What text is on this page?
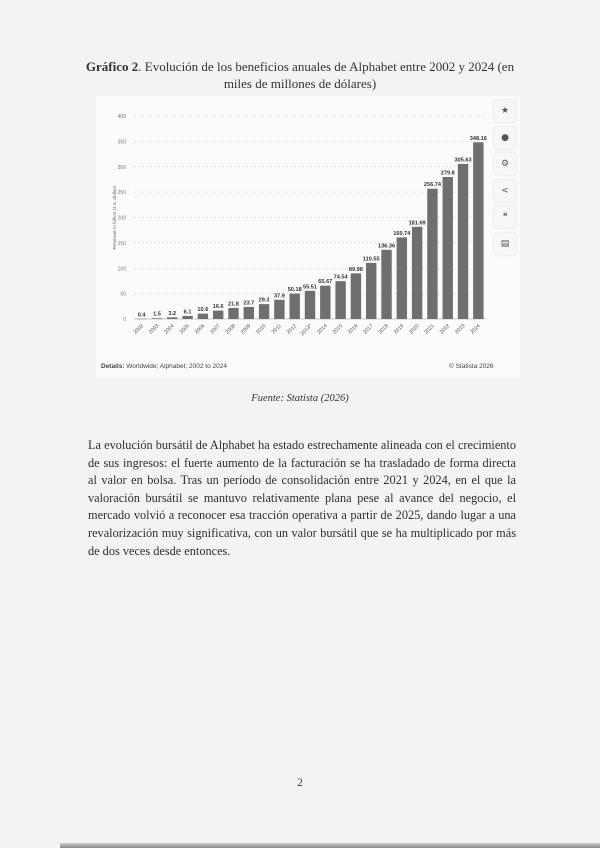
Gráfico 2. Evolución de los beneficios anuales de Alphabet entre 2002 y 2024 (en miles de millones de dólares)
0
50
100
150
200
250
300
350
400
Revenue in billion U.S. dollars
0.4
2002
1.5
2003
3.2
2004
6.1
2005
10.6
2006
16.6
2007
21.8
2008
23.7
2009
29.3
2010
37.9
2011
50.18
2012
55.51
2013*
65.67
2014
74.54
2015
89.98
2016
110.55
2017
136.36
2018
160.74
2019
181.69
2020
256.74
2021
279.8
2022
305.63
2023
348.16
2024
★
●
⚙
<
❝
▤
Details: Worldwide; Alphabet; 2002 to 2024	© Statista 2026
Fuente: Statista (2026)
La evolución bursátil de Alphabet ha estado estrechamente alineada con el crecimiento de sus ingresos: el fuerte aumento de la facturación se ha trasladado de forma directa al valor en bolsa. Tras un período de consolidación entre 2021 y 2024, en el que la valoración bursátil se mantuvo relativamente plana pese al avance del negocio, el mercado volvió a reconocer esa tracción operativa a partir de 2025, dando lugar a una revalorización muy significativa, con un valor bursátil que se ha multiplicado por más de dos veces desde entonces.
2
